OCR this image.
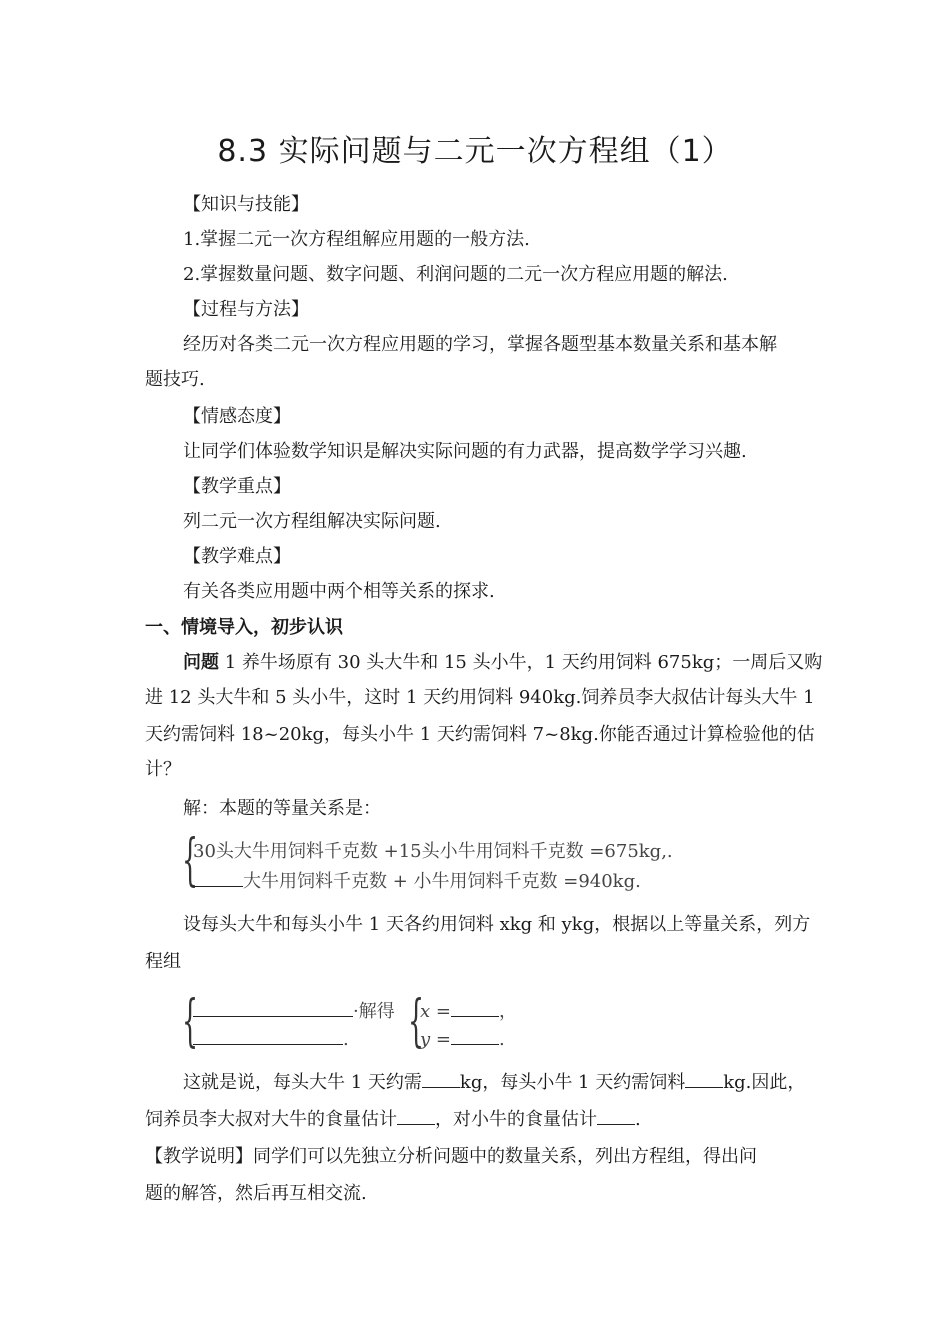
8.3 实际问题与二元一次方程组（1）
【知识与技能】
1.掌握二元一次方程组解应用题的一般方法.
2.掌握数量问题、数字问题、利润问题的二元一次方程应用题的解法.
【过程与方法】
经历对各类二元一次方程应用题的学习，掌握各题型基本数量关系和基本解
题技巧.
【情感态度】
让同学们体验数学知识是解决实际问题的有力武器，提高数学学习兴趣.
【教学重点】
列二元一次方程组解决实际问题.
【教学难点】
有关各类应用题中两个相等关系的探求.
一、情境导入，初步认识
问题 1 养牛场原有 30 头大牛和 15 头小牛，1 天约用饲料 675kg；一周后又购
进 12 头大牛和 5 头小牛，这时 1 天约用饲料 940kg.饲养员李大叔估计每头大牛 1
天约需饲料 18~20kg，每头小牛 1 天约需饲料 7~8kg.你能否通过计算检验他的估
计？
解：本题的等量关系是：
{
30头大牛用饲料千克数 +15头小牛用饲料千克数 =675kg,.
大牛用饲料千克数 + 小牛用饲料千克数 =940kg.
设每头大牛和每头小牛 1 天各约用饲料 xkg 和 ykg，根据以上等量关系，列方
程组
{	·解得
. {
x =	，
y =	.
这就是说，每头大牛 1 天约需 kg，每头小牛 1 天约需饲料 kg.因此，
饲养员李大叔对大牛的食量估计 ，对小牛的食量估计 .
【教学说明】同学们可以先独立分析问题中的数量关系，列出方程组，得出问
题的解答，然后再互相交流.
